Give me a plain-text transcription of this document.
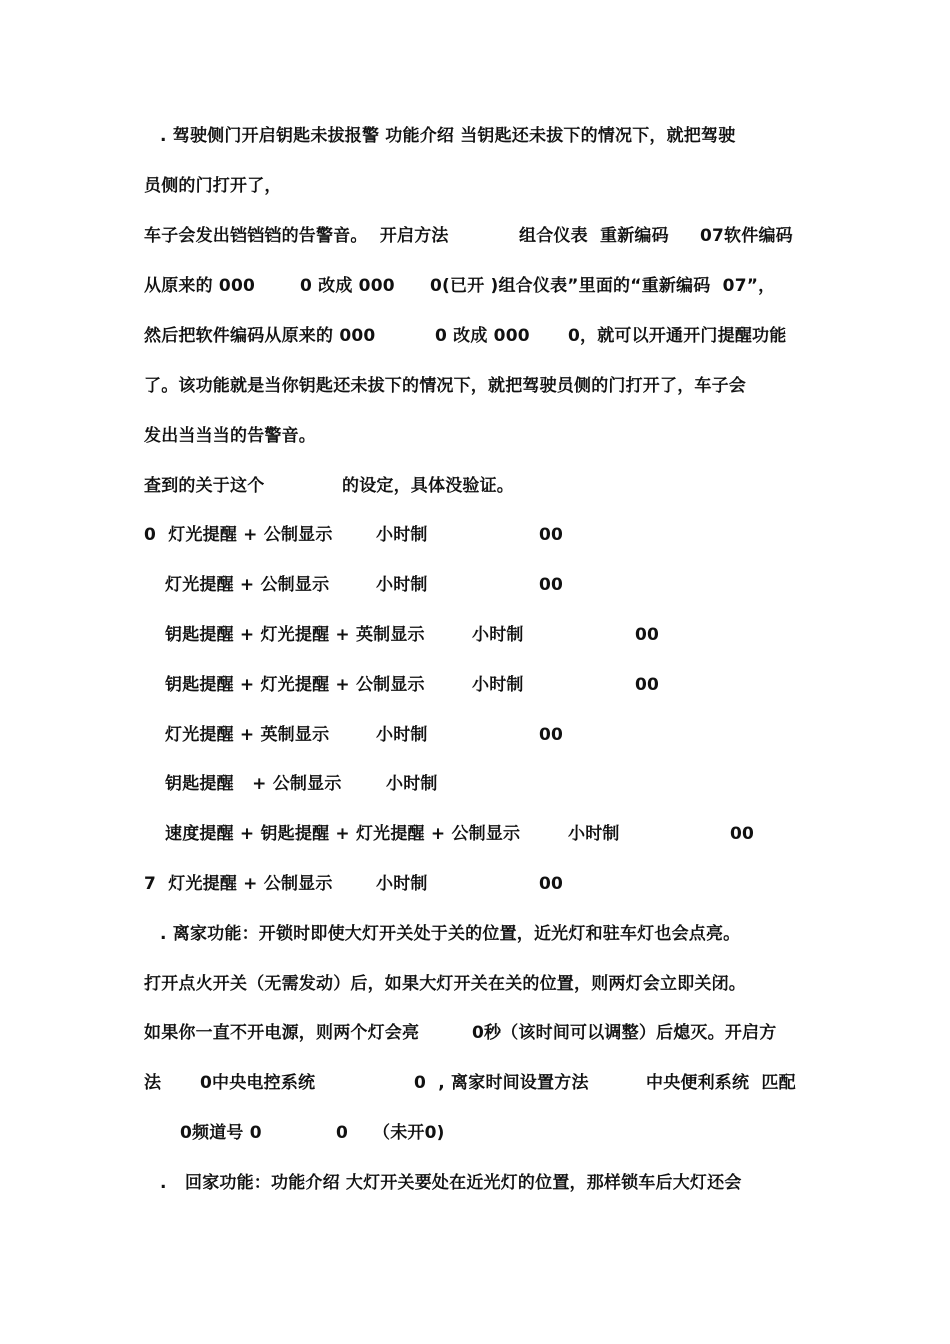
. 驾驶侧门开启钥匙未拔报警 功能介绍 当钥匙还未拔下的情况下，就把驾驶

员侧的门打开了，

车子会发出铛铛铛的告警音。  开启方法

	组合仪表  重新编码

07软件编码

从原来的 000

	0 改成 000

0(已开 )组合仪表”里面的“重新编码  07”，

然后把软件编码从原来的 000

	0 改成 000

0，就可以开通开门提醒功能

了。该功能就是当你钥匙还未拔下的情况下，就把驾驶员侧的门打开了，车子会

发出当当当的告警音。

查到的关于这个

	的设定，具体没验证。

0  灯光提醒 + 公制显示

	小时制

	00

灯光提醒 + 公制显示

	小时制

	00

钥匙提醒 + 灯光提醒 + 英制显示

	小时制

	00

钥匙提醒 + 灯光提醒 + 公制显示

	小时制

	00

灯光提醒 + 英制显示

	小时制

	00

钥匙提醒   + 公制显示

	小时制

速度提醒 + 钥匙提醒 + 灯光提醒 + 公制显示

	小时制

	00

7  灯光提醒 + 公制显示

	小时制

	00

. 离家功能：开锁时即使大灯开关处于关的位置，近光灯和驻车灯也会点亮。

打开点火开关（无需发动）后，如果大灯开关在关的位置，则两灯会立即关闭。

如果你一直不开电源，则两个灯会亮

	0秒（该时间可以调整）后熄灭。开启方

法

0中央电控系统

	0  , 离家时间设置方法

	中央便利系统  匹配

0频道号 0

	0

（未开0)

.

回家功能：功能介绍 大灯开关要处在近光灯的位置，那样锁车后大灯还会
